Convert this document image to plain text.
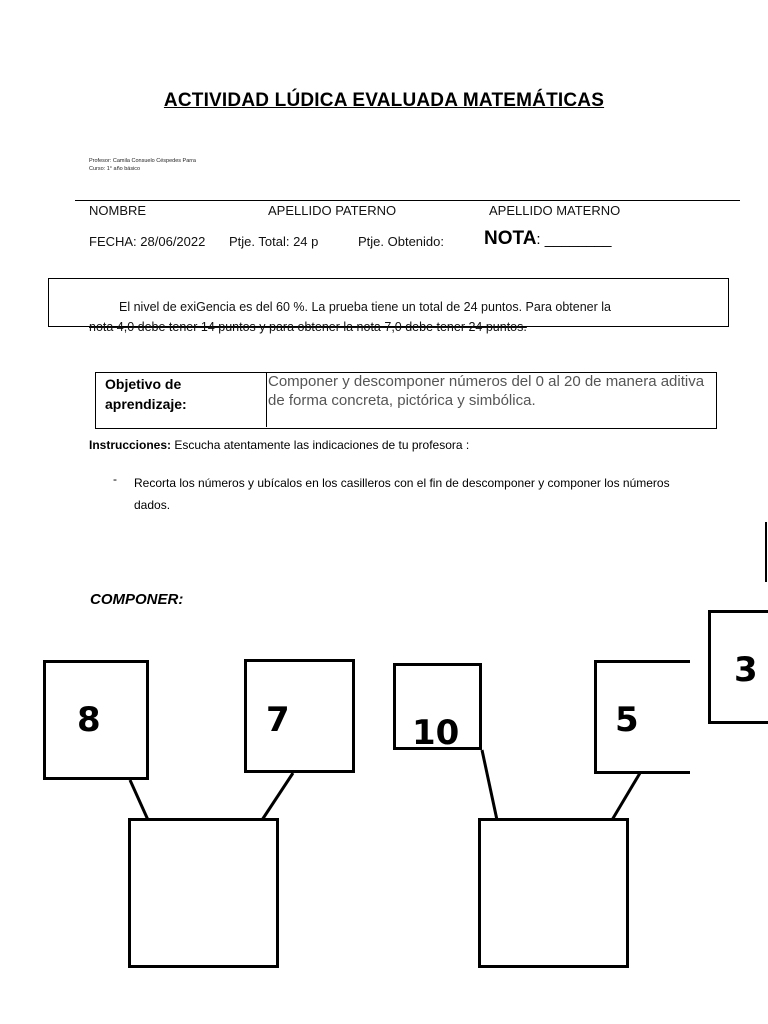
ACTIVIDAD LÚDICA EVALUADA MATEMÁTICAS
Profesor: Camila Consuelo Céspedes Parra
Curso: 1° año básico
NOMBRE	APELLIDO PATERNO	APELLIDO MATERNO
FECHA: 28/06/2022 Ptje. Total: 24 p	Ptje. Obtenido: NOTA: ________
El nivel de exiGencia es del 60 %. La prueba tiene un total de 24 puntos. Para obtener la
nota 4,0 debe tener 14 puntos y para obtener la nota 7,0 debe tener 24 puntos.
Objetivo de aprendizaje:
Componer y descomponer números del 0 al 20 de manera aditiva de forma concreta, pictórica y simbólica.
Instrucciones: Escucha atentamente las indicaciones de tu profesora :
- Recorta los números y ubícalos en los casilleros con el fin de descomponer y componer los números dados.
COMPONER:
8	7	10	5
3
